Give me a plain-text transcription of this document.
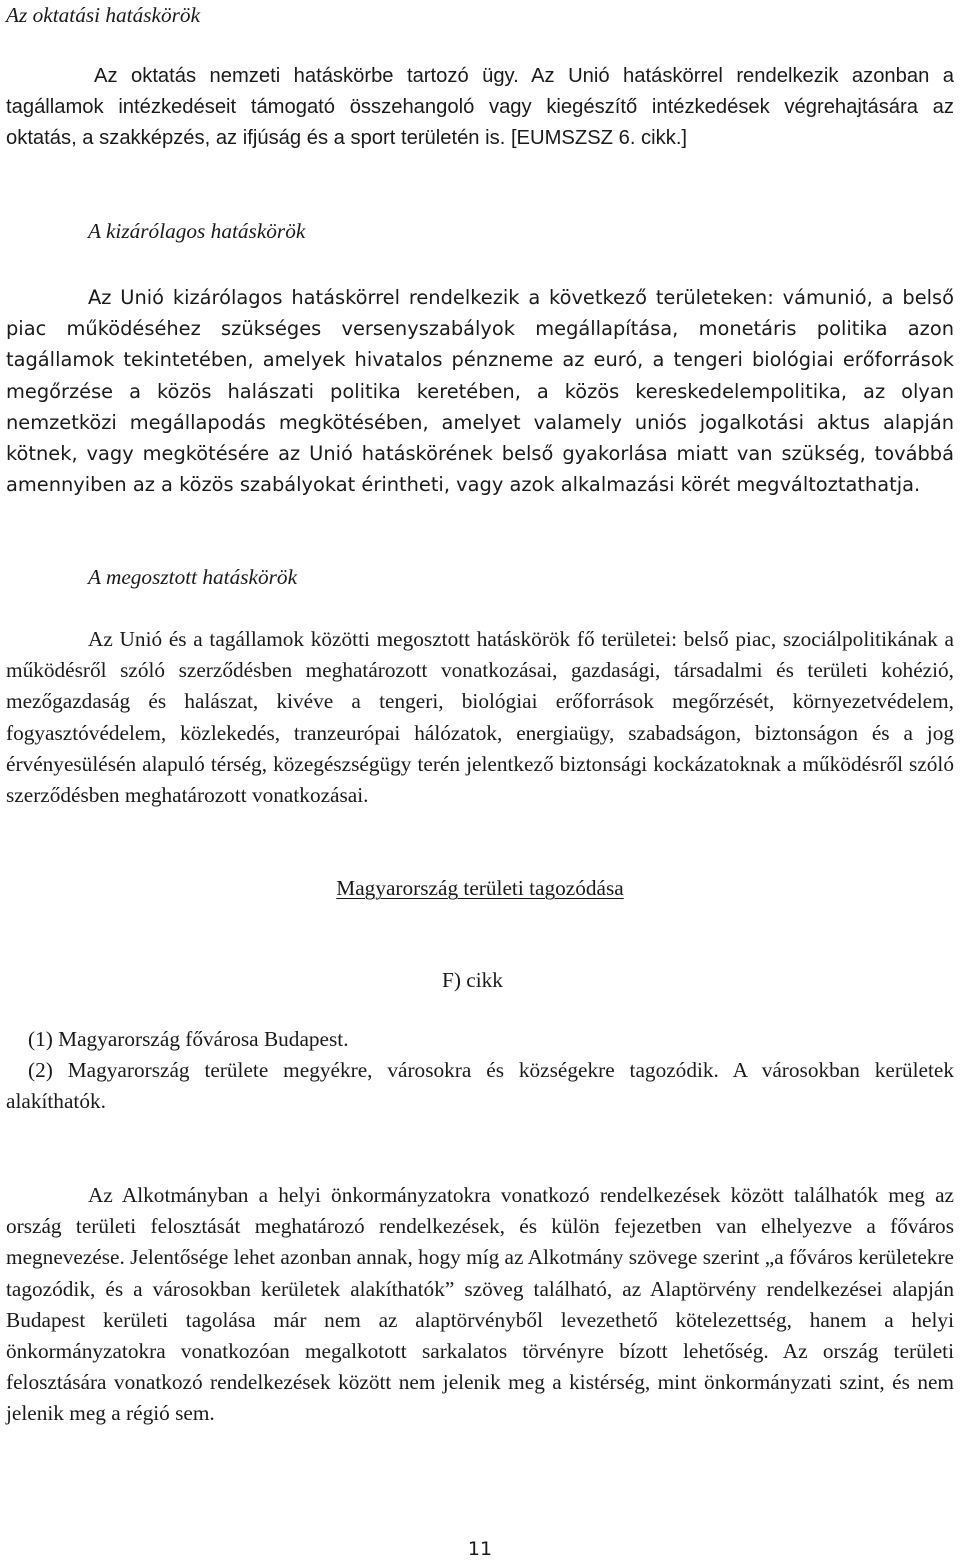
Az oktatási hatáskörök

Az oktatás nemzeti hatáskörbe tartozó ügy. Az Unió hatáskörrel rendelkezik azonban a tagállamok intézkedéseit támogató összehangoló vagy kiegészítő intézkedések végrehajtására az oktatás, a szakképzés, az ifjúság és a sport területén is. [EUMSZSZ 6. cikk.]

A kizárólagos hatáskörök

Az Unió kizárólagos hatáskörrel rendelkezik a következő területeken: vámunió, a belső piac működéséhez szükséges versenyszabályok megállapítása, monetáris politika azon tagállamok tekintetében, amelyek hivatalos pénzneme az euró, a tengeri biológiai erőforrások megőrzése a közös halászati politika keretében, a közös kereskedelempolitika, az olyan nemzetközi megállapodás megkötésében, amelyet valamely uniós jogalkotási aktus alapján kötnek, vagy megkötésére az Unió hatáskörének belső gyakorlása miatt van szükség, továbbá amennyiben az a közös szabályokat érintheti, vagy azok alkalmazási körét megváltoztathatja.

A megosztott hatáskörök

Az Unió és a tagállamok közötti megosztott hatáskörök fő területei: belső piac, szociálpolitikának a működésről szóló szerződésben meghatározott vonatkozásai, gazdasági, társadalmi és területi kohézió, mezőgazdaság és halászat, kivéve a tengeri, biológiai erőforrások megőrzését, környezetvédelem, fogyasztóvédelem, közlekedés, tranzeurópai hálózatok, energiaügy, szabadságon, biztonságon és a jog érvényesülésén alapuló térség, közegészségügy terén jelentkező biztonsági kockázatoknak a működésről szóló szerződésben meghatározott vonatkozásai.

Magyarország területi tagozódása

F) cikk

(1) Magyarország fővárosa Budapest.

(2) Magyarország területe megyékre, városokra és községekre tagozódik. A városokban kerületek alakíthatók.

Az Alkotmányban a helyi önkormányzatokra vonatkozó rendelkezések között találhatók meg az ország területi felosztását meghatározó rendelkezések, és külön fejezetben van elhelyezve a főváros megnevezése. Jelentősége lehet azonban annak, hogy míg az Alkotmány szövege szerint „a főváros kerületekre tagozódik, és a városokban kerületek alakíthatók” szöveg található, az Alaptörvény rendelkezései alapján Budapest kerületi tagolása már nem az alaptörvényből levezethető kötelezettség, hanem a helyi önkormányzatokra vonatkozóan megalkotott sarkalatos törvényre bízott lehetőség. Az ország területi felosztására vonatkozó rendelkezések között nem jelenik meg a kistérség, mint önkormányzati szint, és nem jelenik meg a régió sem.

11
